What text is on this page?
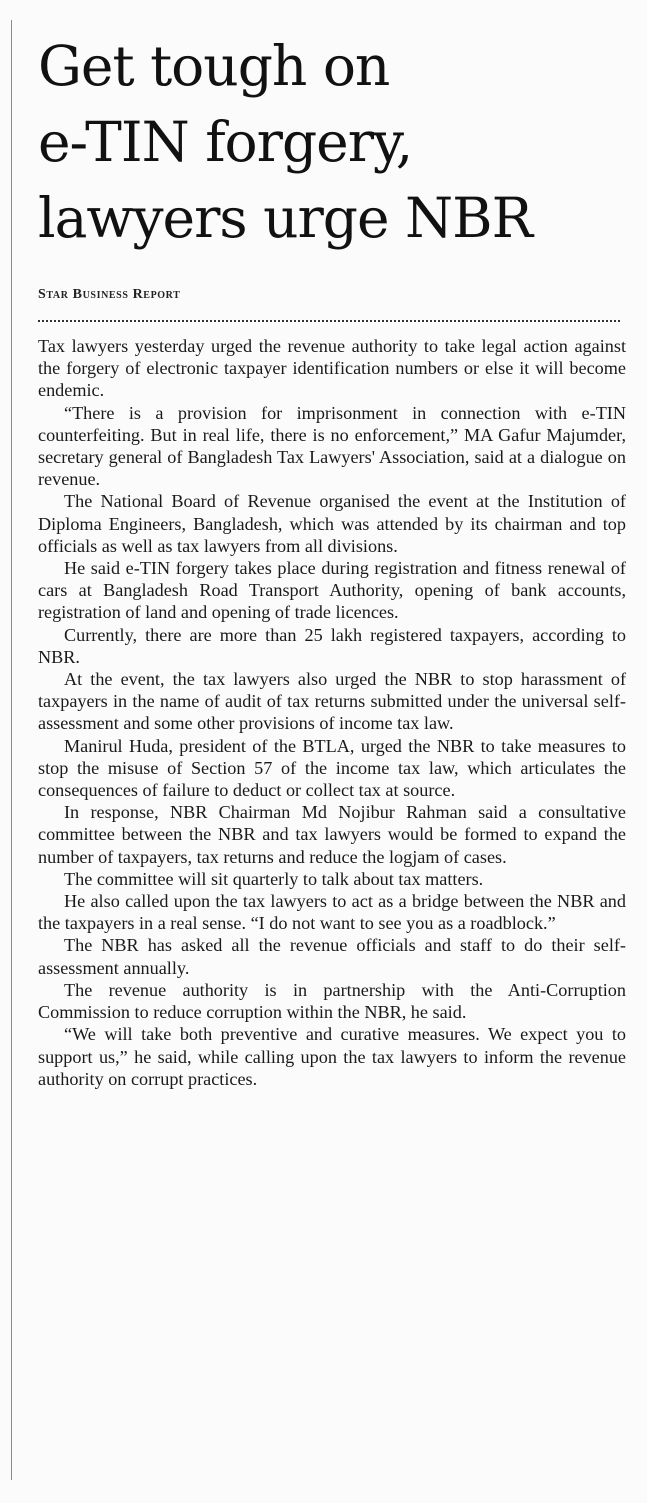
Get tough on
e-TIN forgery,
lawyers urge NBR
Star Business Report

Tax lawyers yesterday urged the revenue authority to take legal action against the forgery of electronic taxpayer identification numbers or else it will become endemic.

“There is a provision for imprisonment in connection with e-TIN counterfeiting. But in real life, there is no enforcement,” MA Gafur Majumder, secretary general of Bangladesh Tax Lawyers' Association, said at a dialogue on revenue.

The National Board of Revenue organised the event at the Institution of Diploma Engineers, Bangladesh, which was attended by its chairman and top officials as well as tax lawyers from all divisions.

He said e-TIN forgery takes place during registration and fitness renewal of cars at Bangladesh Road Transport Authority, opening of bank accounts, registration of land and opening of trade licences.

Currently, there are more than 25 lakh registered taxpayers, according to NBR.

At the event, the tax lawyers also urged the NBR to stop harassment of taxpayers in the name of audit of tax returns submitted under the universal self-assessment and some other provisions of income tax law.

Manirul Huda, president of the BTLA, urged the NBR to take measures to stop the misuse of Section 57 of the income tax law, which articulates the consequences of failure to deduct or collect tax at source.

In response, NBR Chairman Md Nojibur Rahman said a consultative committee between the NBR and tax lawyers would be formed to expand the number of taxpayers, tax returns and reduce the logjam of cases.

The committee will sit quarterly to talk about tax matters.

He also called upon the tax lawyers to act as a bridge between the NBR and the taxpayers in a real sense. “I do not want to see you as a roadblock.”

The NBR has asked all the revenue officials and staff to do their self-assessment annually.

The revenue authority is in partnership with the Anti-Corruption Commission to reduce corruption within the NBR, he said.

“We will take both preventive and curative measures. We expect you to support us,” he said, while calling upon the tax lawyers to inform the revenue authority on corrupt practices.
